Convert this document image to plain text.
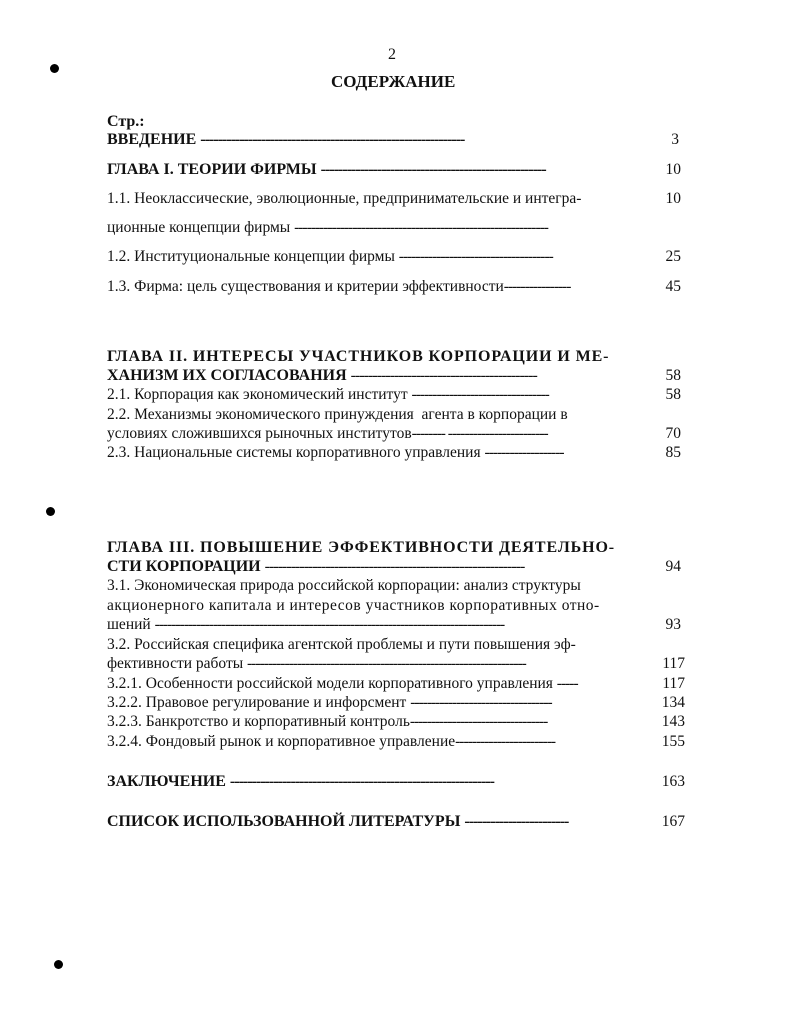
2
СОДЕРЖАНИЕ
Стр.:
ВВЕДЕНИЕ -------------------------------------------------------------	3
ГЛАВА I. ТЕОРИИ ФИРМЫ ----------------------------------------------------	10
1.1. Неоклассические, эволюционные, предпринимательские и интегра-	10
ционные концепции фирмы -------------------------------------------------------------
1.2. Институциональные концепции фирмы -------------------------------------	25
1.3. Фирма: цель существования и критерии эффективности----------------	45
ГЛАВА II. ИНТЕРЕСЫ УЧАСТНИКОВ КОРПОРАЦИИ И МЕ-
ХАНИЗМ ИХ СОГЛАСОВАНИЯ -------------------------------------------	58
2.1. Корпорация как экономический институт ---------------------------------	58
2.2. Механизмы экономического принуждения  агента в корпорации в
условиях сложившихся рыночных институтов-------- ------------------------	70
2.3. Национальные системы корпоративного управления -------------------	85
ГЛАВА III. ПОВЫШЕНИЕ ЭФФЕКТИВНОСТИ ДЕЯТЕЛЬНО-
СТИ КОРПОРАЦИИ ------------------------------------------------------------	94
3.1. Экономическая природа российской корпорации: анализ структуры
акционерного капитала и интересов участников корпоративных отно-
шений ------------------------------------------------------------------------------------	93
3.2. Российская специфика агентской проблемы и пути повышения эф-
фективности работы -------------------------------------------------------------------	117
3.2.1. Особенности российской модели корпоративного управления -----	117
3.2.2. Правовое регулирование и инфорсмент ----------------------------------	134
3.2.3. Банкротство и корпоративный контроль---------------------------------	143
3.2.4. Фондовый рынок и корпоративное управление------------------------	155
ЗАКЛЮЧЕНИЕ -------------------------------------------------------------	163
СПИСОК ИСПОЛЬЗОВАННОЙ ЛИТЕРАТУРЫ ------------------------	167
